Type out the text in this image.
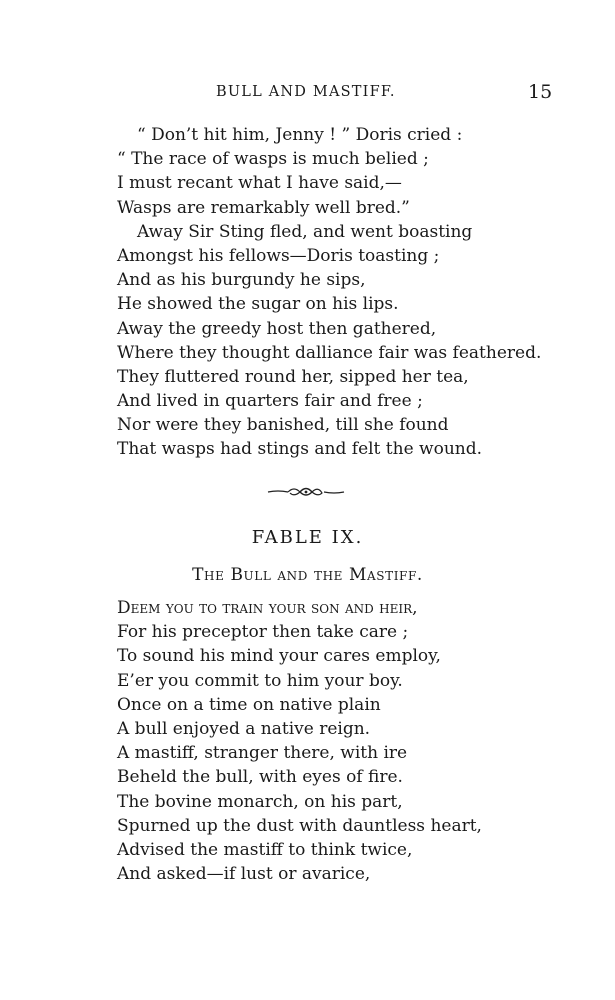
BULL AND MASTIFF.	15
“ Don’t hit him, Jenny ! ” Doris cried :
“ The race of wasps is much belied ;
I must recant what I have said,—
Wasps are remarkably well bred.”
Away Sir Sting fled, and went boasting
Amongst his fellows—Doris toasting ;
And as his burgundy he sips,
He showed the sugar on his lips.
Away the greedy host then gathered,
Where they thought dalliance fair was feathered.
They fluttered round her, sipped her tea,
And lived in quarters fair and free ;
Nor were they banished, till she found
That wasps had stings and felt the wound.
FABLE IX.
The Bull and the Mastiff.
Deem you to train your son and heir,
For his preceptor then take care ;
To sound his mind your cares employ,
E’er you commit to him your boy.
Once on a time on native plain
A bull enjoyed a native reign.
A mastiff, stranger there, with ire
Beheld the bull, with eyes of fire.
The bovine monarch, on his part,
Spurned up the dust with dauntless heart,
Advised the mastiff to think twice,
And asked—if lust or avarice,
